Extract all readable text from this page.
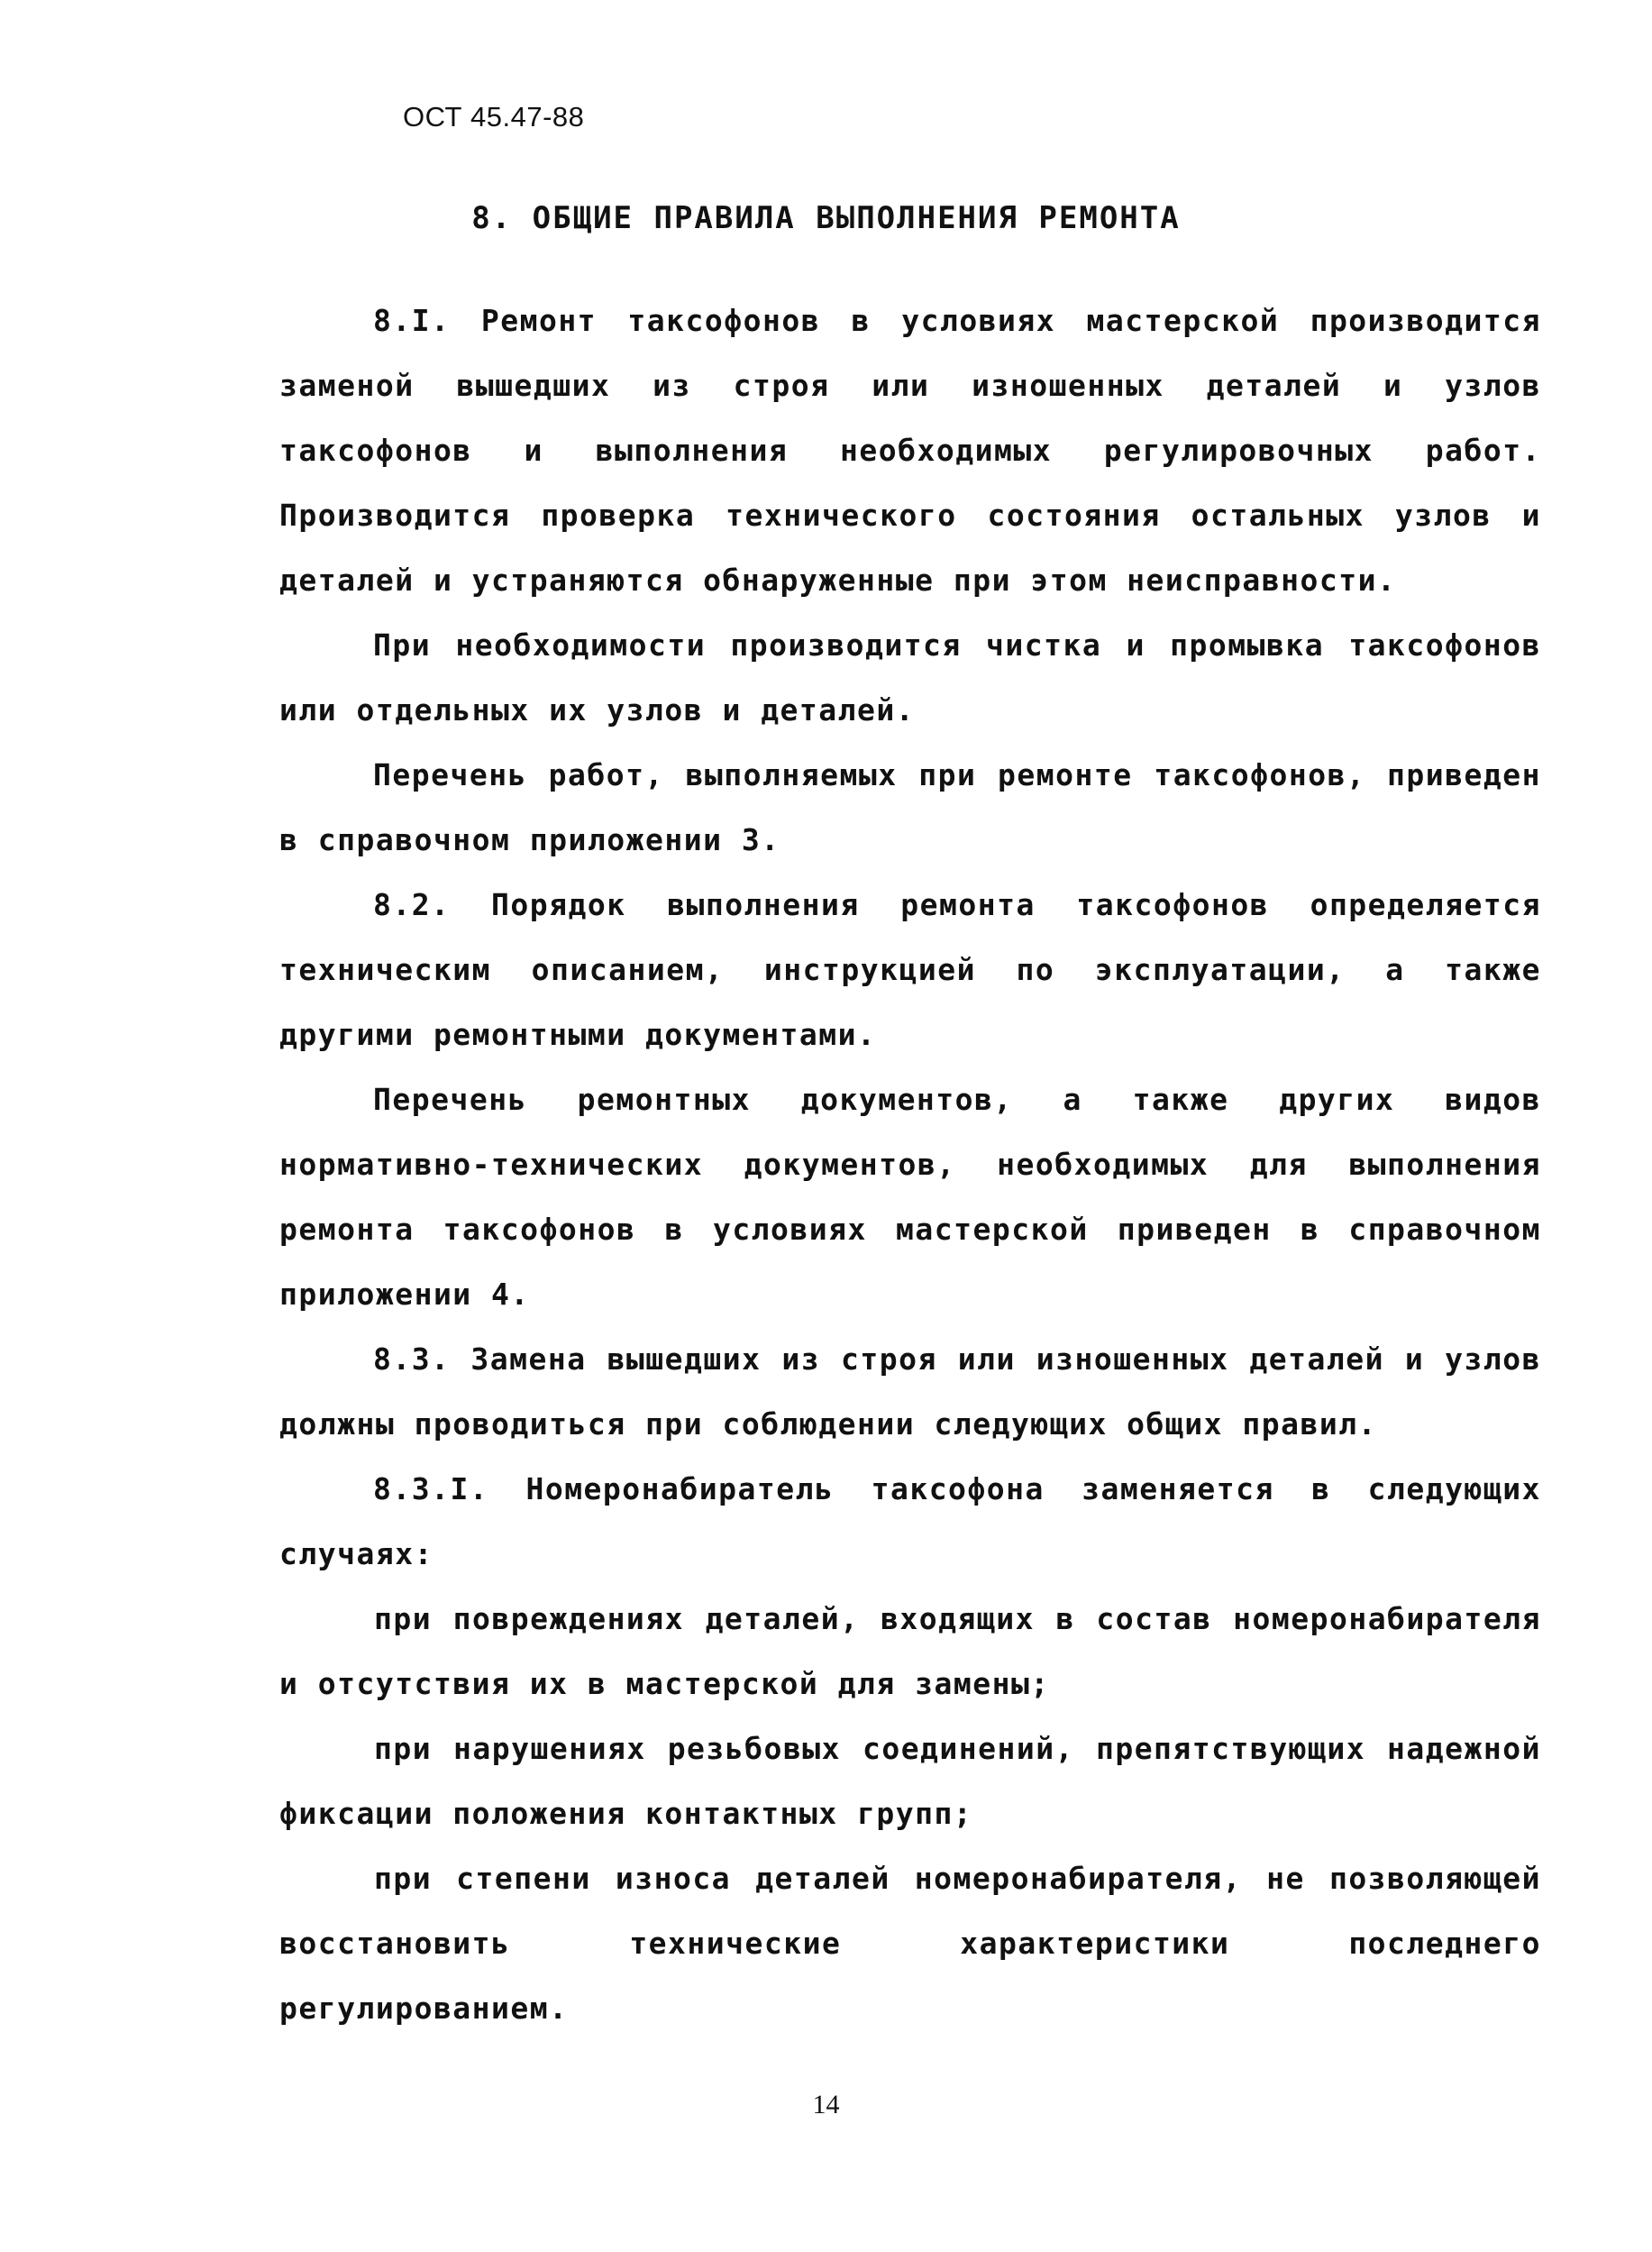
ОСТ 45.47-88
8. ОБЩИЕ ПРАВИЛА ВЫПОЛНЕНИЯ РЕМОНТА

8.I. Ремонт таксофонов в условиях мастерской производится заменой вышедших из строя или изношенных деталей и узлов таксофонов и выполнения необходимых регулировочных работ. Производится проверка технического состояния остальных узлов и деталей и устраняются обнаруженные при этом неисправности.

При необходимости производится чистка и промывка таксофонов или отдельных их узлов и деталей.

Перечень работ, выполняемых при ремонте таксофонов, приведен в справочном приложении 3.

8.2. Порядок выполнения ремонта таксофонов определяется техническим описанием, инструкцией по эксплуатации, а также другими ремонтными документами.

Перечень ремонтных документов, а также других видов нормативно-технических документов, необходимых для выполнения ремонта таксофонов в условиях мастерской приведен в справочном приложении 4.

8.3. Замена вышедших из строя или изношенных деталей и узлов должны проводиться при соблюдении следующих общих правил.

8.3.I. Номеронабиратель таксофона заменяется в следующих случаях:

при повреждениях деталей, входящих в состав номеронабирателя и отсутствия их в мастерской для замены;

при нарушениях резьбовых соединений, препятствующих надежной фиксации положения контактных групп;

при степени износа деталей номеронабирателя, не позволяющей восстановить технические характеристики последнего регулированием.

14
